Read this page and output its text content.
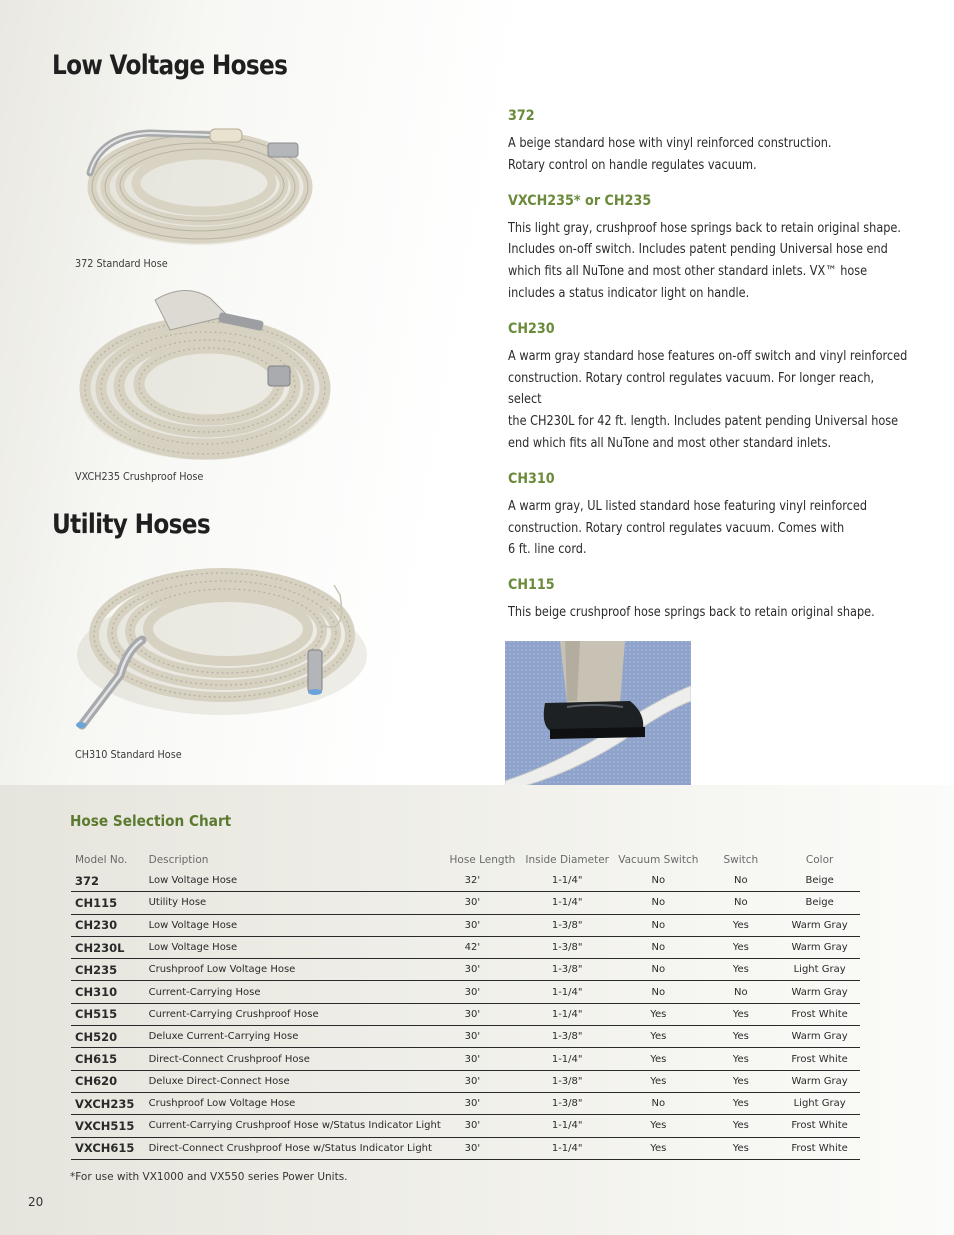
Low Voltage Hoses
372 Standard Hose
VXCH235 Crushproof Hose
Utility Hoses
CH310 Standard Hose
372

A beige standard hose with vinyl reinforced construction.
Rotary control on handle regulates vacuum.

VXCH235* or CH235

This light gray, crushproof hose springs back to retain original shape.
Includes on-off switch. Includes patent pending Universal hose end
which fits all NuTone and most other standard inlets. VX™ hose
includes a status indicator light on handle.

CH230

A warm gray standard hose features on-off switch and vinyl reinforced
construction. Rotary control regulates vacuum. For longer reach, select
the CH230L for 42 ft. length. Includes patent pending Universal hose
end which fits all NuTone and most other standard inlets.

CH310

A warm gray, UL listed standard hose featuring vinyl reinforced
construction. Rotary control regulates vacuum. Comes with
6 ft. line cord.

CH115

This beige crushproof hose springs back to retain original shape.

Hose Selection Chart
Model No.	Description	Hose Length	Inside Diameter	Vacuum Switch	Switch	Color
372	Low Voltage Hose	32'	1-1/4"	No	No	Beige
CH115	Utility Hose	30'	1-1/4"	No	No	Beige
CH230	Low Voltage Hose	30'	1-3/8"	No	Yes	Warm Gray
CH230L	Low Voltage Hose	42'	1-3/8"	No	Yes	Warm Gray
CH235	Crushproof Low Voltage Hose	30'	1-3/8"	No	Yes	Light Gray
CH310	Current-Carrying Hose	30'	1-1/4"	No	No	Warm Gray
CH515	Current-Carrying Crushproof Hose	30'	1-1/4"	Yes	Yes	Frost White
CH520	Deluxe Current-Carrying Hose	30'	1-3/8"	Yes	Yes	Warm Gray
CH615	Direct-Connect Crushproof Hose	30'	1-1/4"	Yes	Yes	Frost White
CH620	Deluxe Direct-Connect Hose	30'	1-3/8"	Yes	Yes	Warm Gray
VXCH235	Crushproof Low Voltage Hose	30'	1-3/8"	No	Yes	Light Gray
VXCH515	Current-Carrying Crushproof Hose w/Status Indicator Light	30'	1-1/4"	Yes	Yes	Frost White
VXCH615	Direct-Connect Crushproof Hose w/Status Indicator Light	30'	1-1/4"	Yes	Yes	Frost White
*For use with VX1000 and VX550 series Power Units.
20
